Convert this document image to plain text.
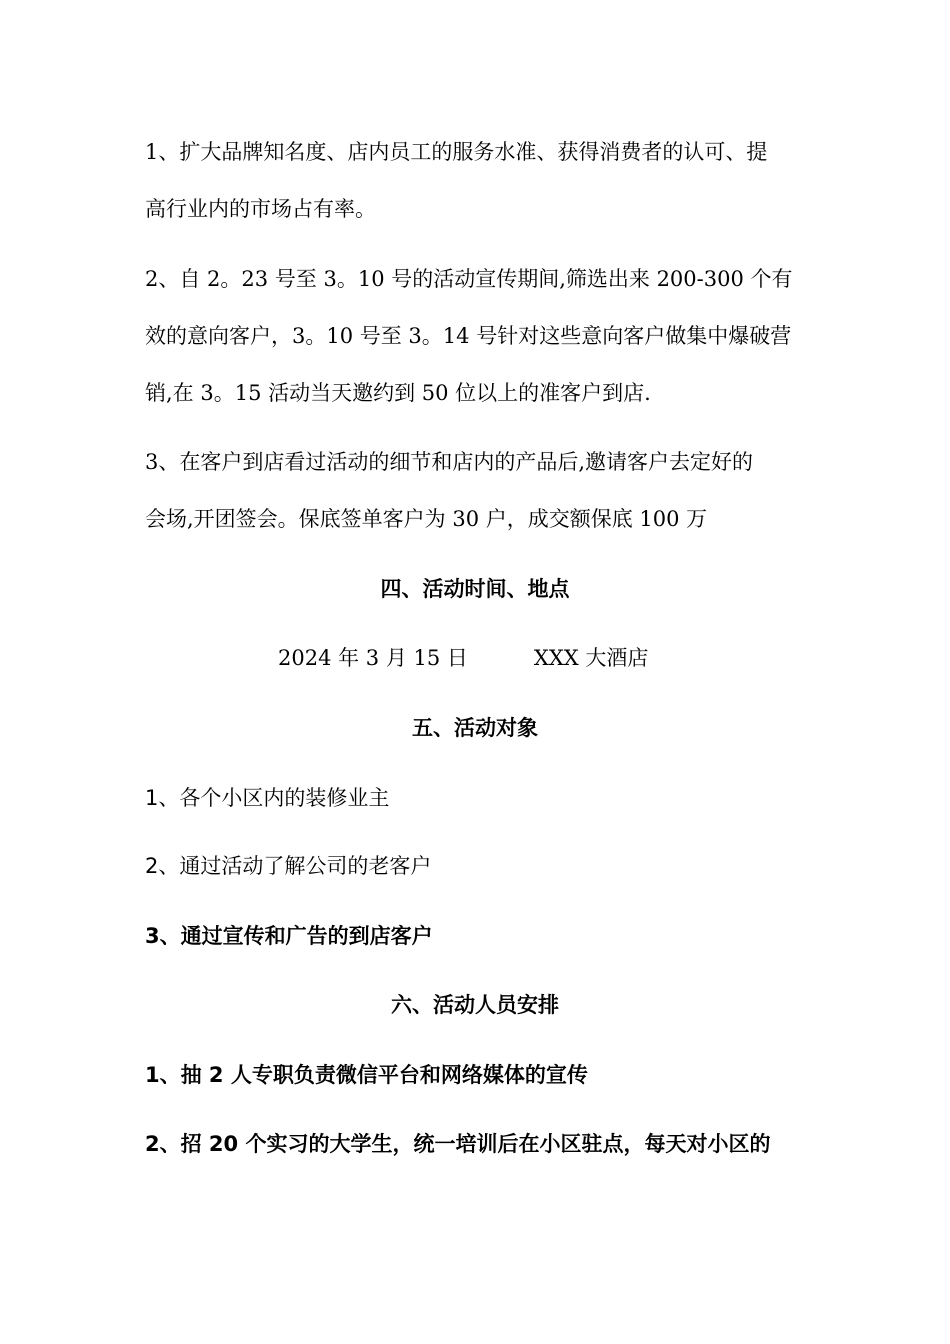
1、扩大品牌知名度、店内员工的服务水准、获得消费者的认可、提
高行业内的市场占有率。
2、自 2。23 号至 3。10 号的活动宣传期间,筛选出来 200-300 个有
效的意向客户，3。10 号至 3。14 号针对这些意向客户做集中爆破营
销,在 3。15 活动当天邀约到 50 位以上的准客户到店.
3、在客户到店看过活动的细节和店内的产品后,邀请客户去定好的
会场,开团签会。保底签单客户为 30 户，成交额保底 100 万
四、活动时间、地点
2024 年 3 月 15 日	XXX 大酒店
五、活动对象
1、各个小区内的装修业主
2、通过活动了解公司的老客户
3、通过宣传和广告的到店客户
六、活动人员安排
1、抽 2 人专职负责微信平台和网络媒体的宣传
2、招 20 个实习的大学生，统一培训后在小区驻点，每天对小区的
